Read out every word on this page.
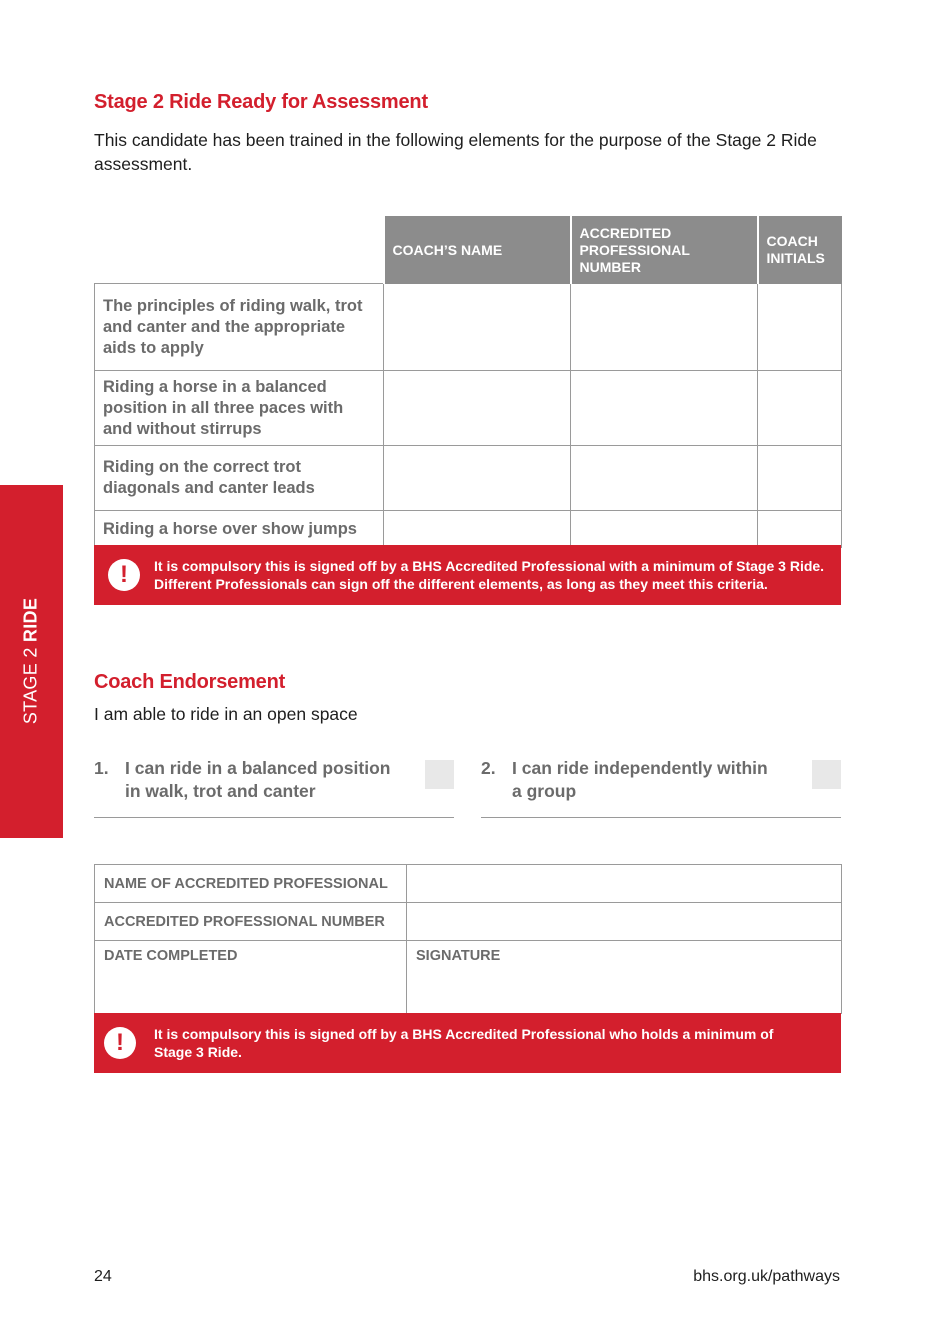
STAGE 2 RIDE
Stage 2 Ride Ready for Assessment
This candidate has been trained in the following elements for the purpose of the Stage 2 Ride assessment.
	COACH’S NAME	ACCREDITED PROFESSIONAL NUMBER	COACH INITIALS
The principles of riding walk, trot and canter and the appropriate aids to apply			
Riding a horse in a balanced position in all three paces with and without stirrups			
Riding on the correct trot diagonals and canter leads			
Riding a horse over show jumps			
!	It is compulsory this is signed off by a BHS Accredited Professional with a minimum of Stage 3 Ride. Different Professionals can sign off the different elements, as long as they meet this criteria.
Coach Endorsement
I am able to ride in an open space
1. I can ride in a balanced position in walk, trot and canter
2. I can ride independently within a group
NAME OF ACCREDITED PROFESSIONAL	
ACCREDITED PROFESSIONAL NUMBER	
DATE COMPLETED	SIGNATURE
!	It is compulsory this is signed off by a BHS Accredited Professional who holds a minimum of Stage 3 Ride.
24	bhs.org.uk/pathways
